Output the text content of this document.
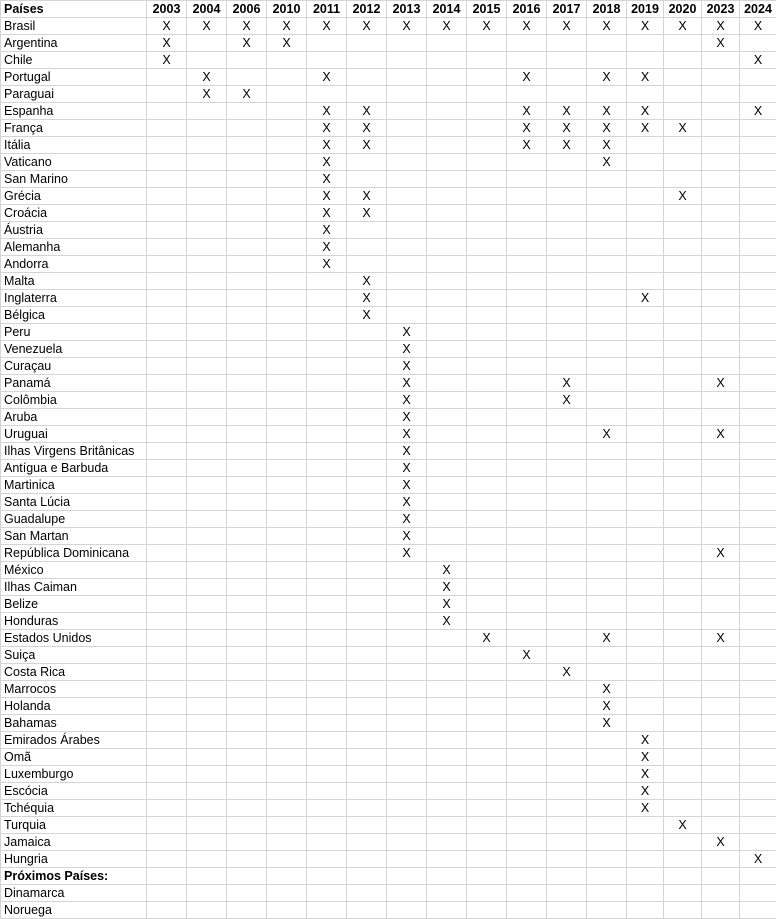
Países	2003	2004	2006	2010	2011	2012	2013	2014	2015	2016	2017	2018	2019	2020	2023	2024
Brasil	X	X	X	X	X	X	X	X	X	X	X	X	X	X	X	X
Argentina	X		X	X											X	
Chile	X															X
Portugal		X			X					X		X	X			
Paraguai		X	X													
Espanha					X	X				X	X	X	X			X
França					X	X				X	X	X	X	X		
Itália					X	X				X	X	X				
Vaticano					X							X				
San Marino					X											
Grécia					X	X								X		
Croácia					X	X										
Áustria					X											
Alemanha					X											
Andorra					X											
Malta						X										
Inglaterra						X							X			
Bélgica						X										
Peru							X									
Venezuela							X									
Curaçau							X									
Panamá							X				X				X	
Colômbia							X				X					
Aruba							X									
Uruguai							X					X			X	
Ilhas Virgens Britânicas							X									
Antígua e Barbuda							X									
Martinica							X									
Santa Lúcia							X									
Guadalupe							X									
San Martan							X									
República Dominicana							X								X	
México								X								
Ilhas Caiman								X								
Belize								X								
Honduras								X								
Estados Unidos									X			X			X	
Suiça										X						
Costa Rica											X					
Marrocos												X				
Holanda												X				
Bahamas												X				
Emirados Árabes													X			
Omã													X			
Luxemburgo													X			
Escócia													X			
Tchéquia													X			
Turquia														X		
Jamaica															X	
Hungria																X
Próximos Países:																
Dinamarca																
Noruega																
